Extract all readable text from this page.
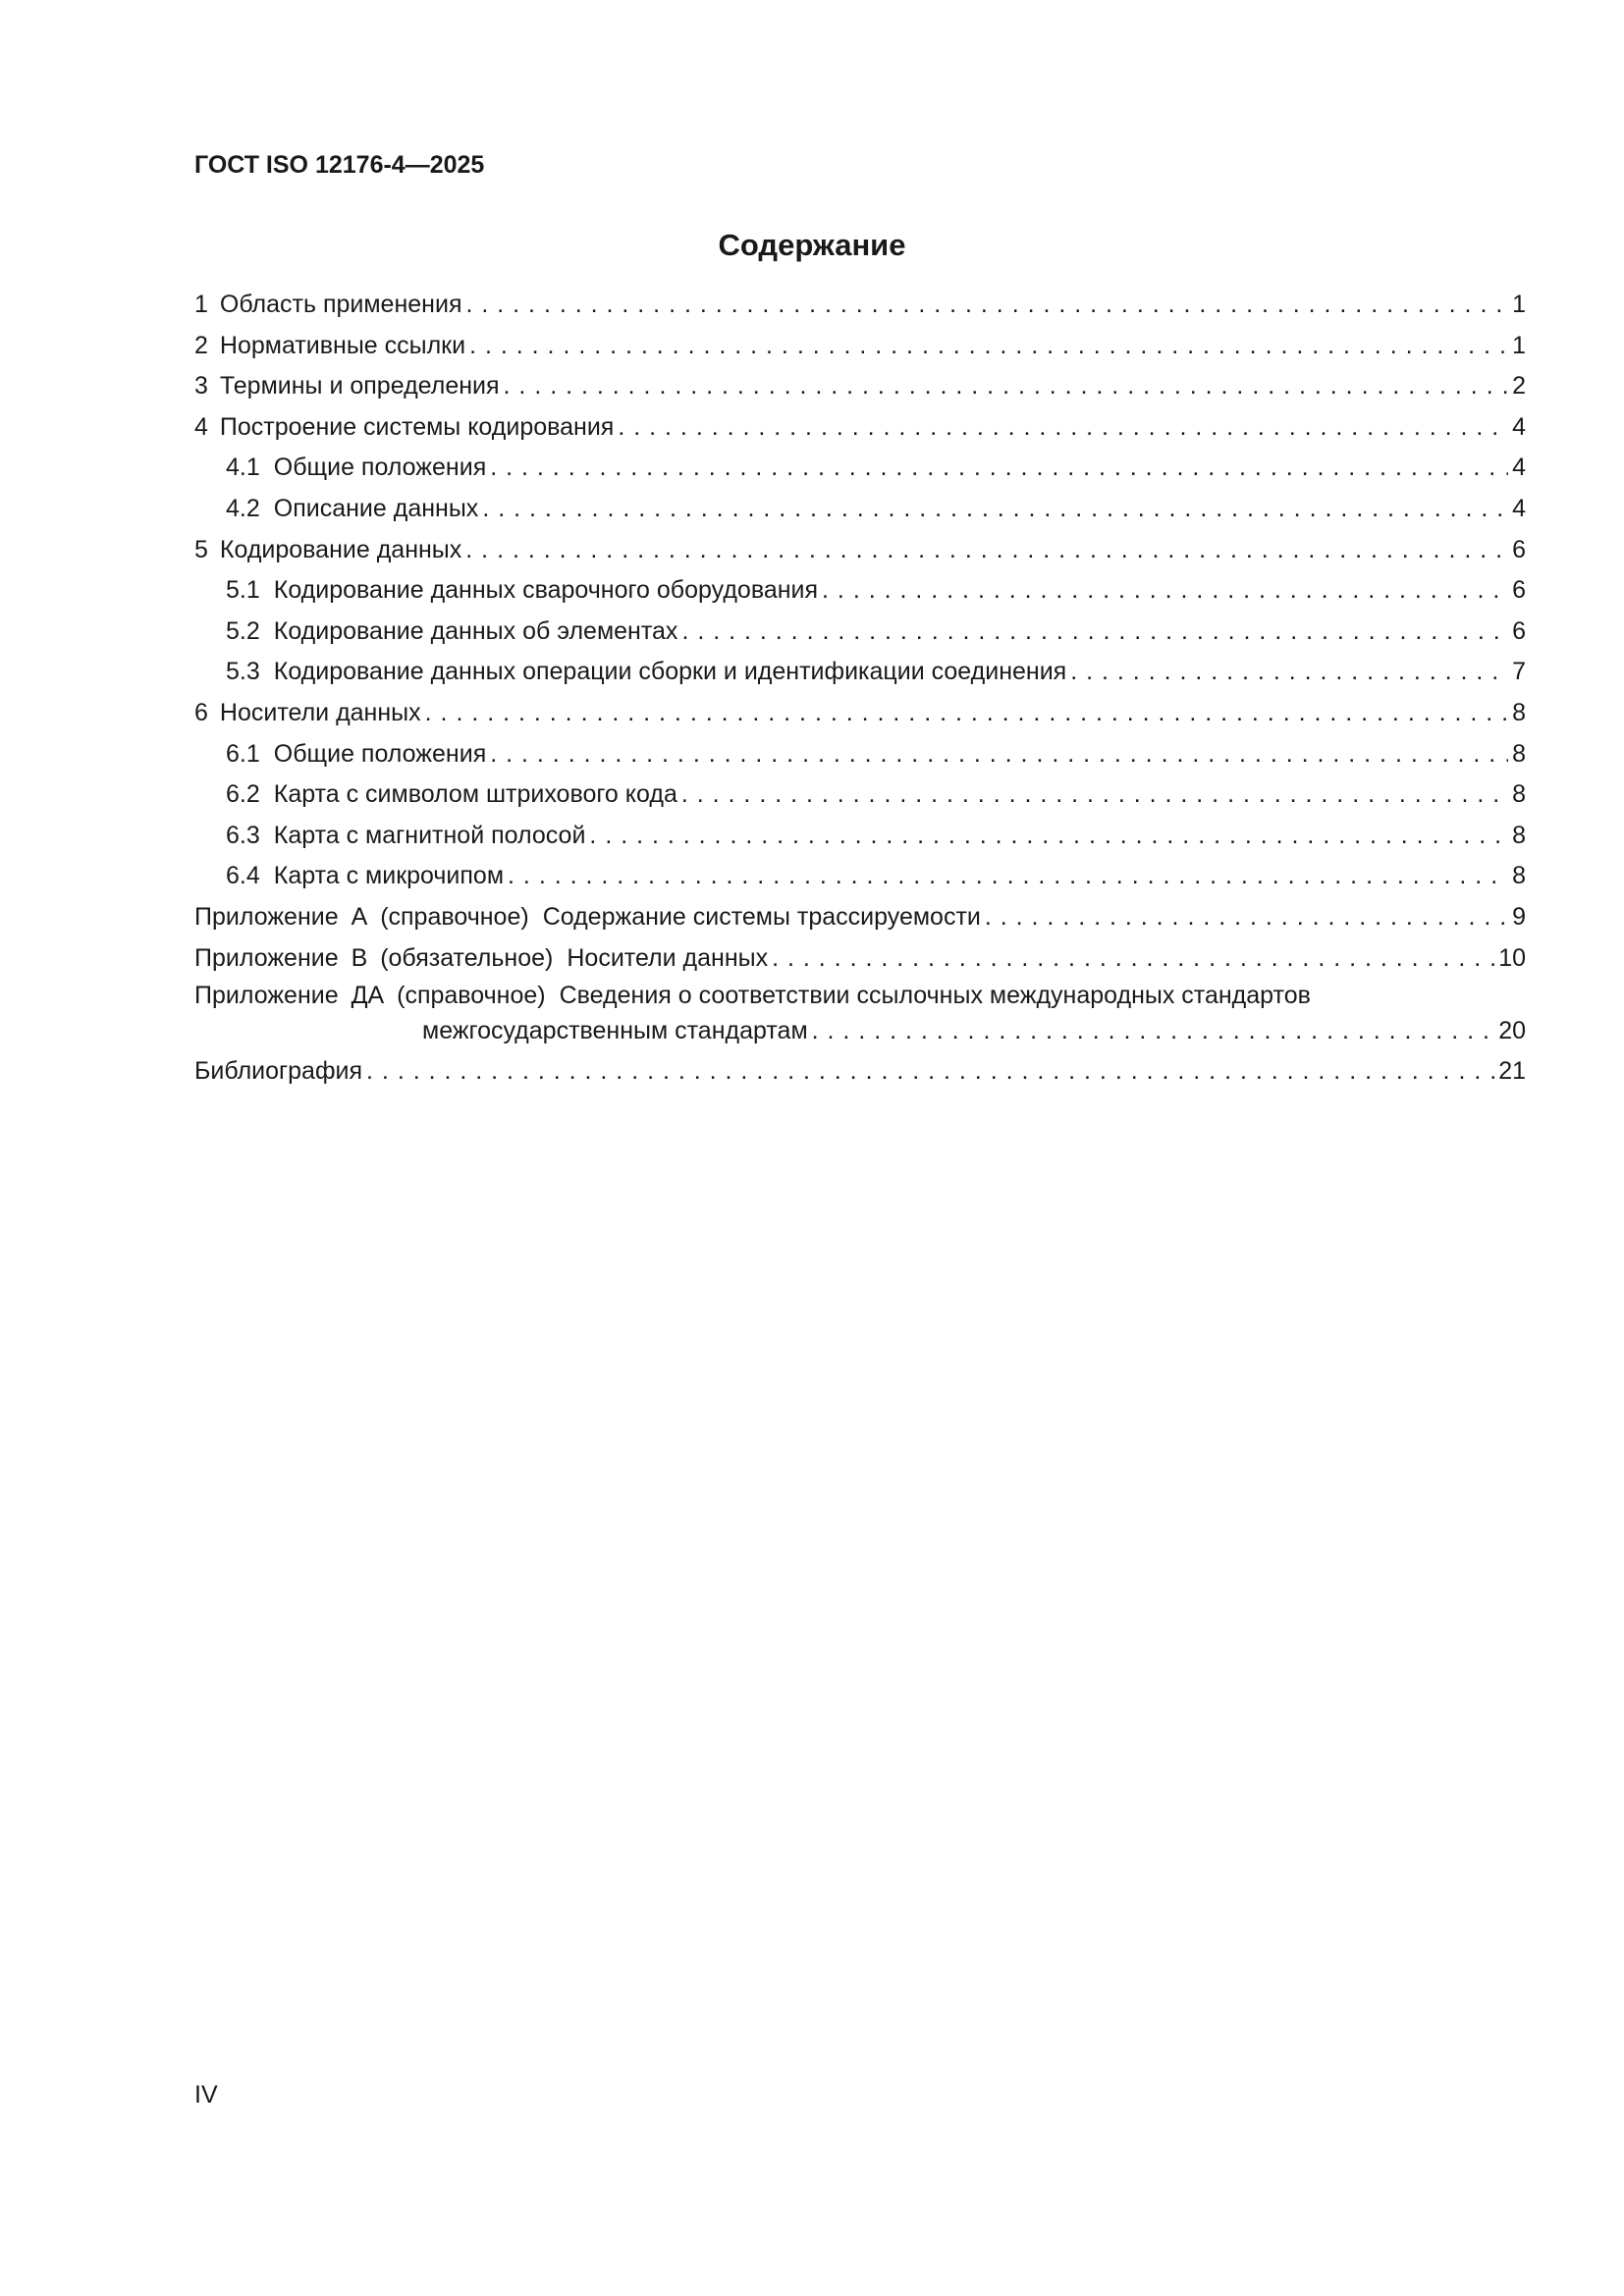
ГОСТ ISO 12176-4—2025
Содержание
1 Область применения . . .	1
2 Нормативные ссылки . . .	1
3 Термины и определения . . .	2
4 Построение системы кодирования . . .	4
4.1 Общие положения . . .	4
4.2 Описание данных . . .	4
5 Кодирование данных . . .	6
5.1 Кодирование данных сварочного оборудования . . .	6
5.2 Кодирование данных об элементах . . .	6
5.3 Кодирование данных операции сборки и идентификации соединения . . .	7
6 Носители данных . . .	8
6.1 Общие положения . . .	8
6.2 Карта с символом штрихового кода . . .	8
6.3 Карта с магнитной полосой . . .	8
6.4 Карта с микрочипом . . .	8
Приложение А (справочное) Содержание системы трассируемости . . .	9
Приложение В (обязательное) Носители данных . . .	10
Приложение ДА (справочное) Сведения о соответствии ссылочных международных стандартов
межгосударственным стандартам . . .	20
Библиография . . .	21
IV
